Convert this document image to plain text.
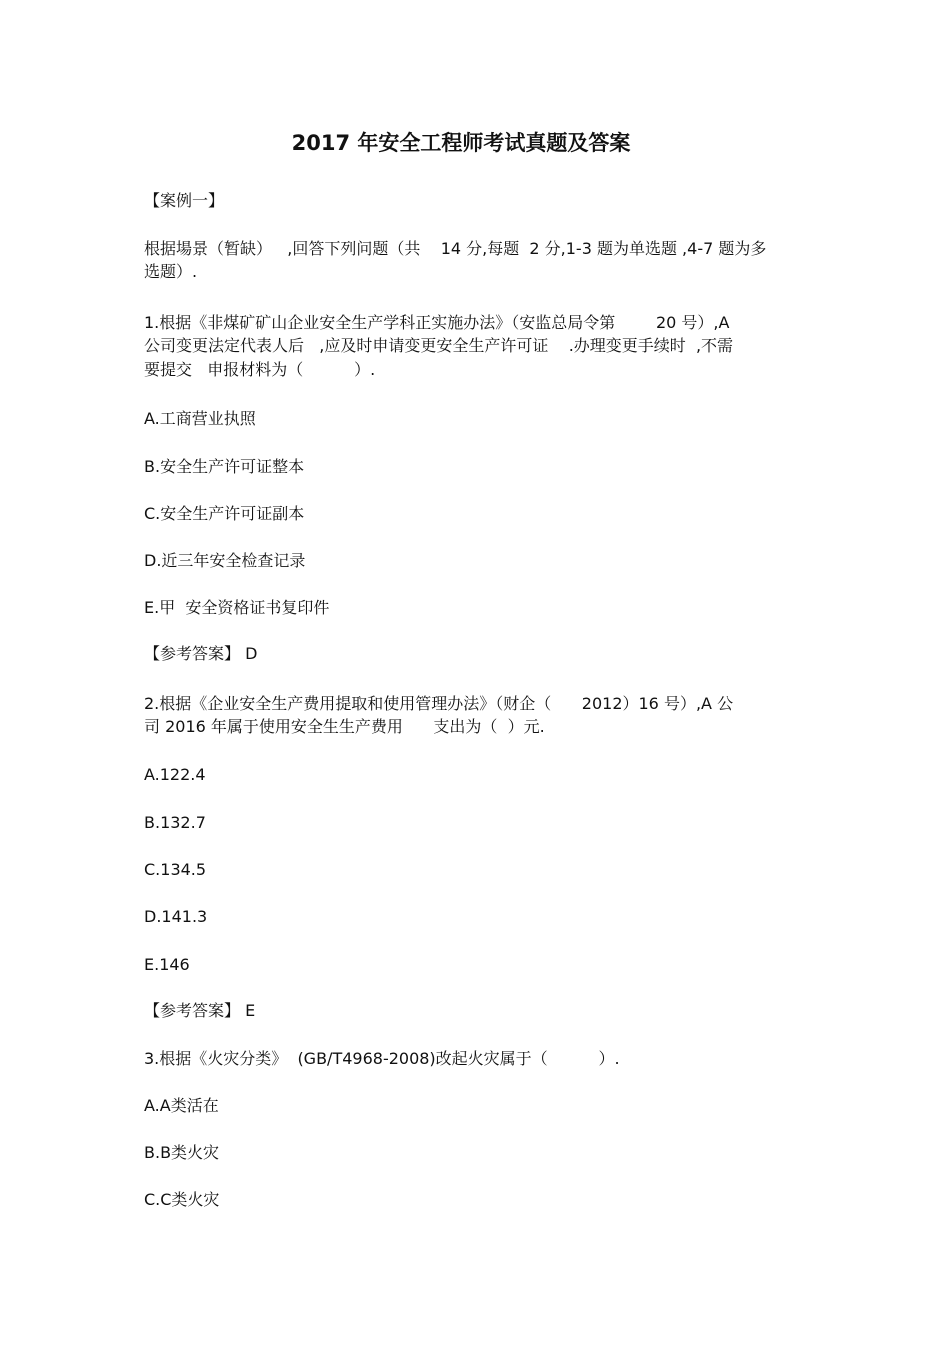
2017 年安全工程师考试真题及答案
【案例一】
根据場景（暂缺）   ,回答下列问题（共    14 分,每题  2 分,1-3 题为单选题 ,4-7 题为多
选题）.
1.根据《非煤矿矿山企业安全生产学科正实施办法》（安监总局令第        20 号）,A
公司变更法定代表人后   ,应及时申请变更安全生产许可证    .办理变更手续时  ,不需
要提交   申报材料为（          ）.
A.工商营业执照
B.安全生产许可证整本
C.安全生产许可证副本
D.近三年安全检查记录
E.甲  安全资格证书复印件
【参考答案】 D
2.根据《企业安全生产费用提取和使用管理办法》（财企（      2012）16 号）,A 公
司 2016 年属于使用安全生生产费用      支出为（  ）元.
A.122.4
B.132.7
C.134.5
D.141.3
E.146
【参考答案】 E
3.根据《火灾分类》  (GB/T4968-2008)改起火灾属于（          ）.
A.A类活在
B.B类火灾
C.C类火灾
